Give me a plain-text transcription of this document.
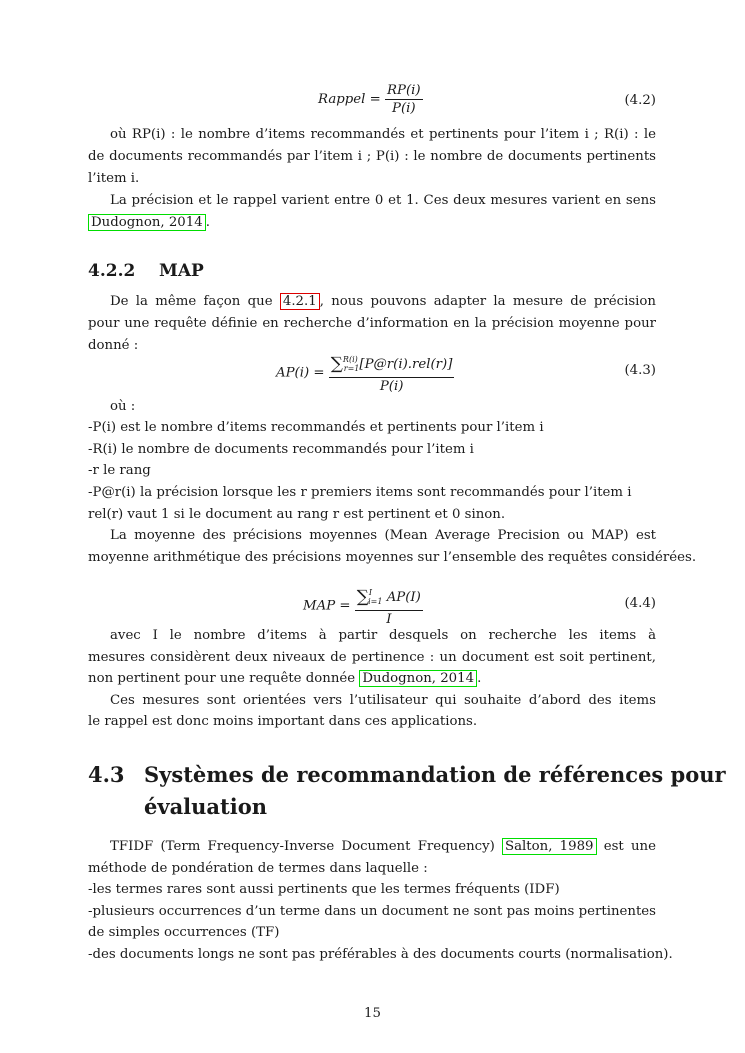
Rappel = $\frac{RP(i)}{P(i)}$	(4.2)
où RP(i) : le nombre d’items recommandés et pertinents pour l’item i ; R(i) : le
de documents recommandés par l’item i ; P(i) : le nombre de documents pertinents
l’item i.
La précision et le rappel varient entre 0 et 1. Ces deux mesures varient en sens
Dudognon, 2014 .
4.2.2 MAP
De la même façon que 4.2.1 , nous pouvons adapter la mesure de précision
pour une requête définie en recherche d’information en la précision moyenne pour
donné :
$AP(i) = \frac{\sum^{R(i)}_{r=1}[P@r(i).rel(r)]}{P(i)}$	(4.3)
où :
-P(i) est le nombre d’items recommandés et pertinents pour l’item i
-R(i) le nombre de documents recommandés pour l’item i
-r le rang
-P@r(i) la précision lorsque les r premiers items sont recommandés pour l’item i
rel(r) vaut 1 si le document au rang r est pertinent et 0 sinon.
La moyenne des précisions moyennes (Mean Average Precision ou MAP) est
moyenne arithmétique des précisions moyennes sur l’ensemble des requêtes considérées.
MAP = $\frac{\sum^I_{i=1} AP(I)}{I}$	(4.4)
avec I le nombre d’items à partir desquels on recherche les items à
mesures considèrent deux niveaux de pertinence : un document est soit pertinent,
non pertinent pour une requête donnée Dudognon, 2014 .
Ces mesures sont orientées vers l’utilisateur qui souhaite d’abord des items
le rappel est donc moins important dans ces applications.
4.3 Systèmes de recommandation de références pour
évaluation
TFIDF (Term Frequency-Inverse Document Frequency) Salton, 1989 est une
méthode de pondération de termes dans laquelle :
-les termes rares sont aussi pertinents que les termes fréquents (IDF)
-plusieurs occurrences d’un terme dans un document ne sont pas moins pertinentes
de simples occurrences (TF)
-des documents longs ne sont pas préférables à des documents courts (normalisation).
15
